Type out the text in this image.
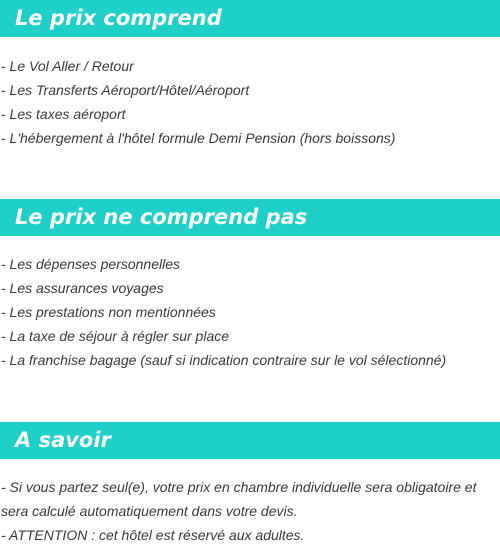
Le prix comprend
- Le Vol Aller / Retour
- Les Transferts Aéroport/Hôtel/Aéroport
- Les taxes aéroport
- L'hébergement à l'hôtel formule Demi Pension (hors boissons)
Le prix ne comprend pas
- Les dépenses personnelles
- Les assurances voyages
- Les prestations non mentionnées
- La taxe de séjour à régler sur place
- La franchise bagage (sauf si indication contraire sur le vol sélectionné)
A savoir
- Si vous partez seul(e), votre prix en chambre individuelle sera obligatoire et sera calculé automatiquement dans votre devis.
- ATTENTION : cet hôtel est réservé aux adultes.
